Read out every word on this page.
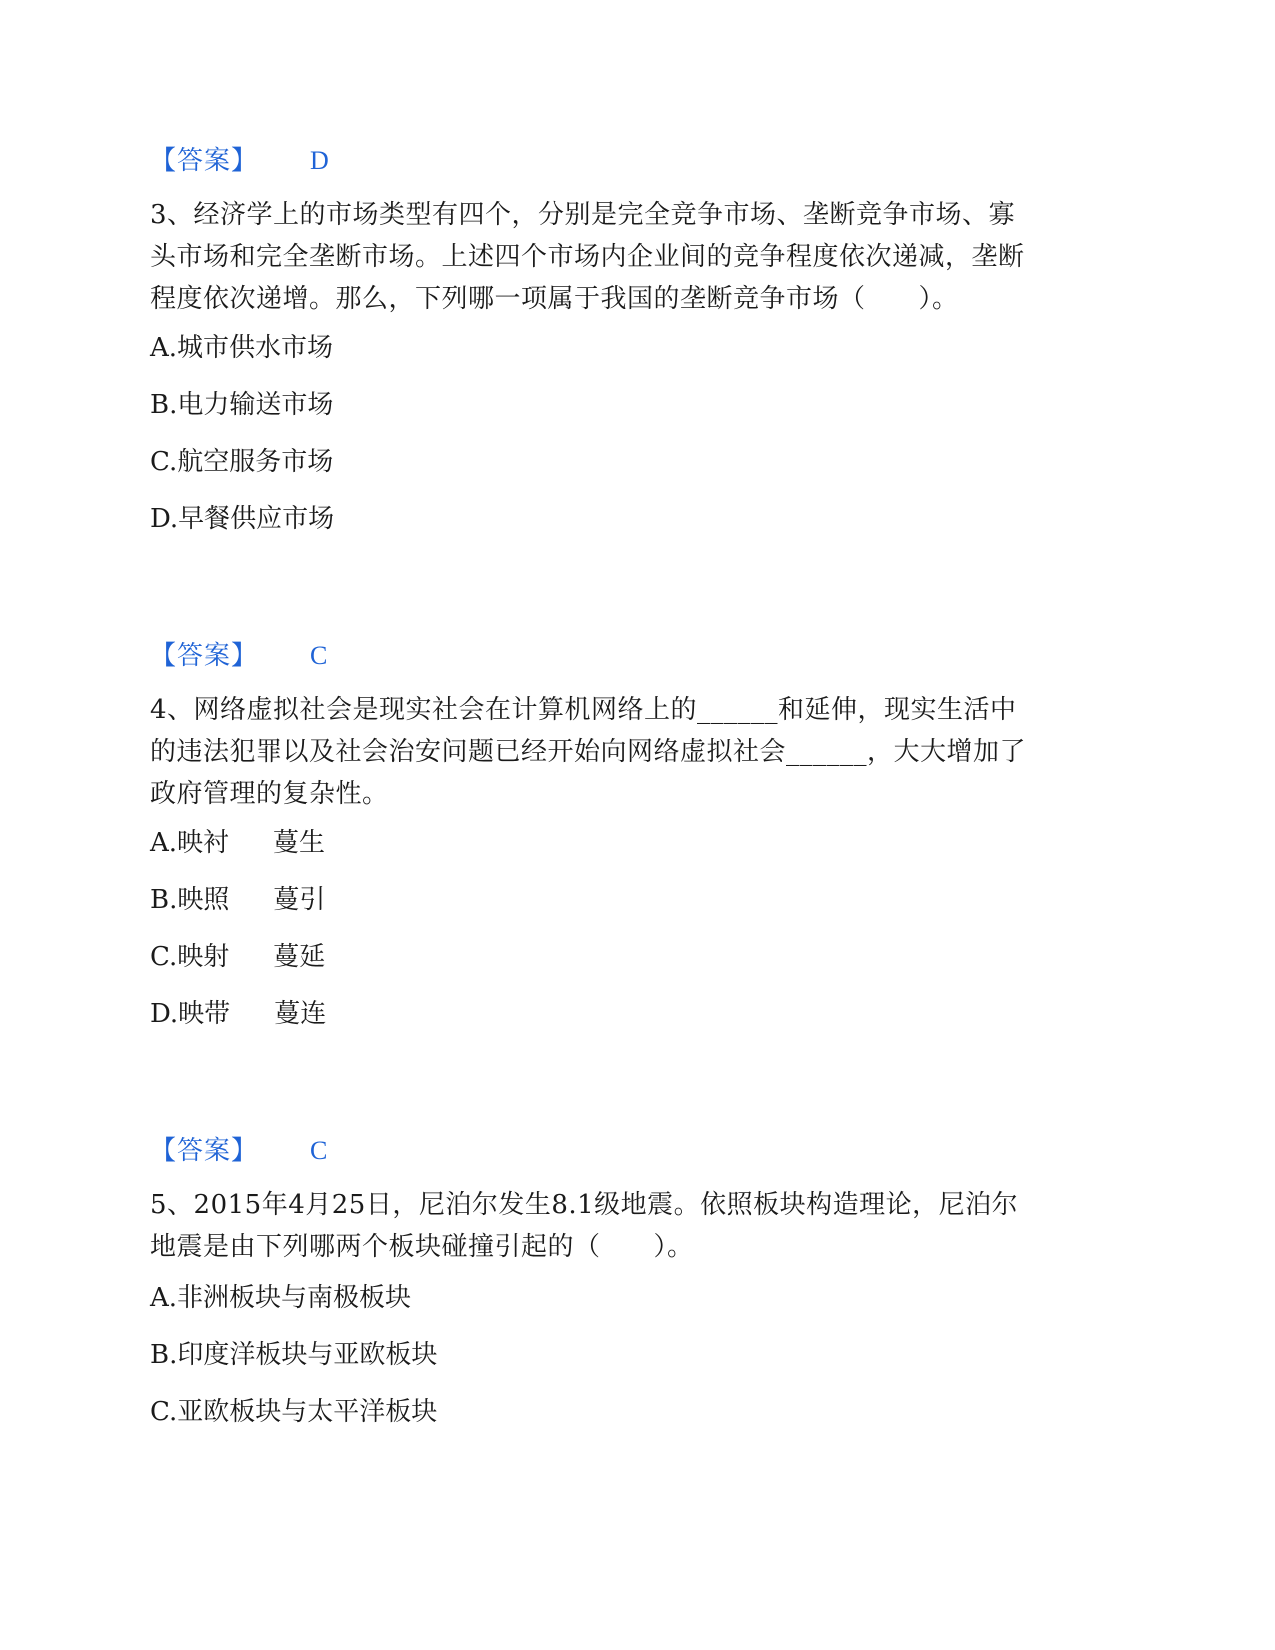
【答案】 D

3、经济学上的市场类型有四个，分别是完全竞争市场、垄断竞争市场、寡

头市场和完全垄断市场。上述四个市场内企业间的竞争程度依次递减，垄断

程度依次递增。那么，下列哪一项属于我国的垄断竞争市场（　　）。

A.城市供水市场
B.电力输送市场
C.航空服务市场
D.早餐供应市场
【答案】 C

4、网络虚拟社会是现实社会在计算机网络上的______和延伸，现实生活中

的违法犯罪以及社会治安问题已经开始向网络虚拟社会______，大大增加了

政府管理的复杂性。

A.映衬 蔓生
B.映照 蔓引
C.映射 蔓延
D.映带 蔓连
【答案】 C

5、2015年4月25日，尼泊尔发生8.1级地震。依照板块构造理论，尼泊尔

地震是由下列哪两个板块碰撞引起的（　　）。

A.非洲板块与南极板块
B.印度洋板块与亚欧板块
C.亚欧板块与太平洋板块
